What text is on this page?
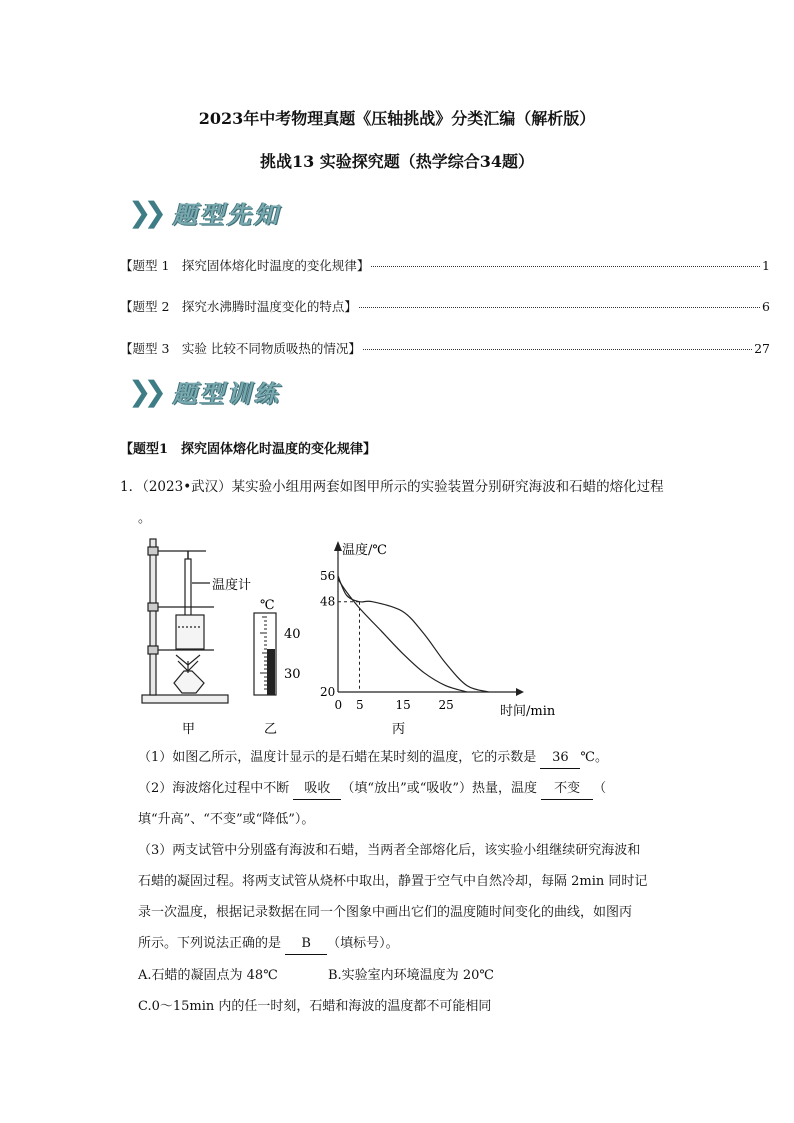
2023年中考物理真题《压轴挑战》分类汇编（解析版）
挑战13 实验探究题（热学综合34题）
❯❯ 题型先知
【题型 1　探究固体熔化时温度的变化规律】	1
【题型 2　探究水沸腾时温度变化的特点】	6
【题型 3　实验 比较不同物质吸热的情况】	27
❯❯ 题型训练
【题型1　探究固体熔化时温度的变化规律】
1．（2023•武汉）某实验小组用两套如图甲所示的实验装置分别研究海波和石蜡的熔化过程
。
温度计
甲
℃
40
30
乙
温度/℃
时间/min
丙
0 5	15 25
56
48
20
（1）如图乙所示，温度计显示的是石蜡在某时刻的温度，它的示数是 36 ℃。
（2）海波熔化过程中不断 吸收 （填“放出”或“吸收”）热量，温度 不变 （
填“升高”、“不变”或“降低”）。
（3）两支试管中分别盛有海波和石蜡，当两者全部熔化后，该实验小组继续研究海波和
石蜡的凝固过程。将两支试管从烧杯中取出，静置于空气中自然冷却，每隔 2min 同时记
录一次温度，根据记录数据在同一个图象中画出它们的温度随时间变化的曲线，如图丙
所示。下列说法正确的是 B （填标号）。
A.石蜡的凝固点为 48℃	B.实验室内环境温度为 20℃
C.0～15min 内的任一时刻，石蜡和海波的温度都不可能相同
